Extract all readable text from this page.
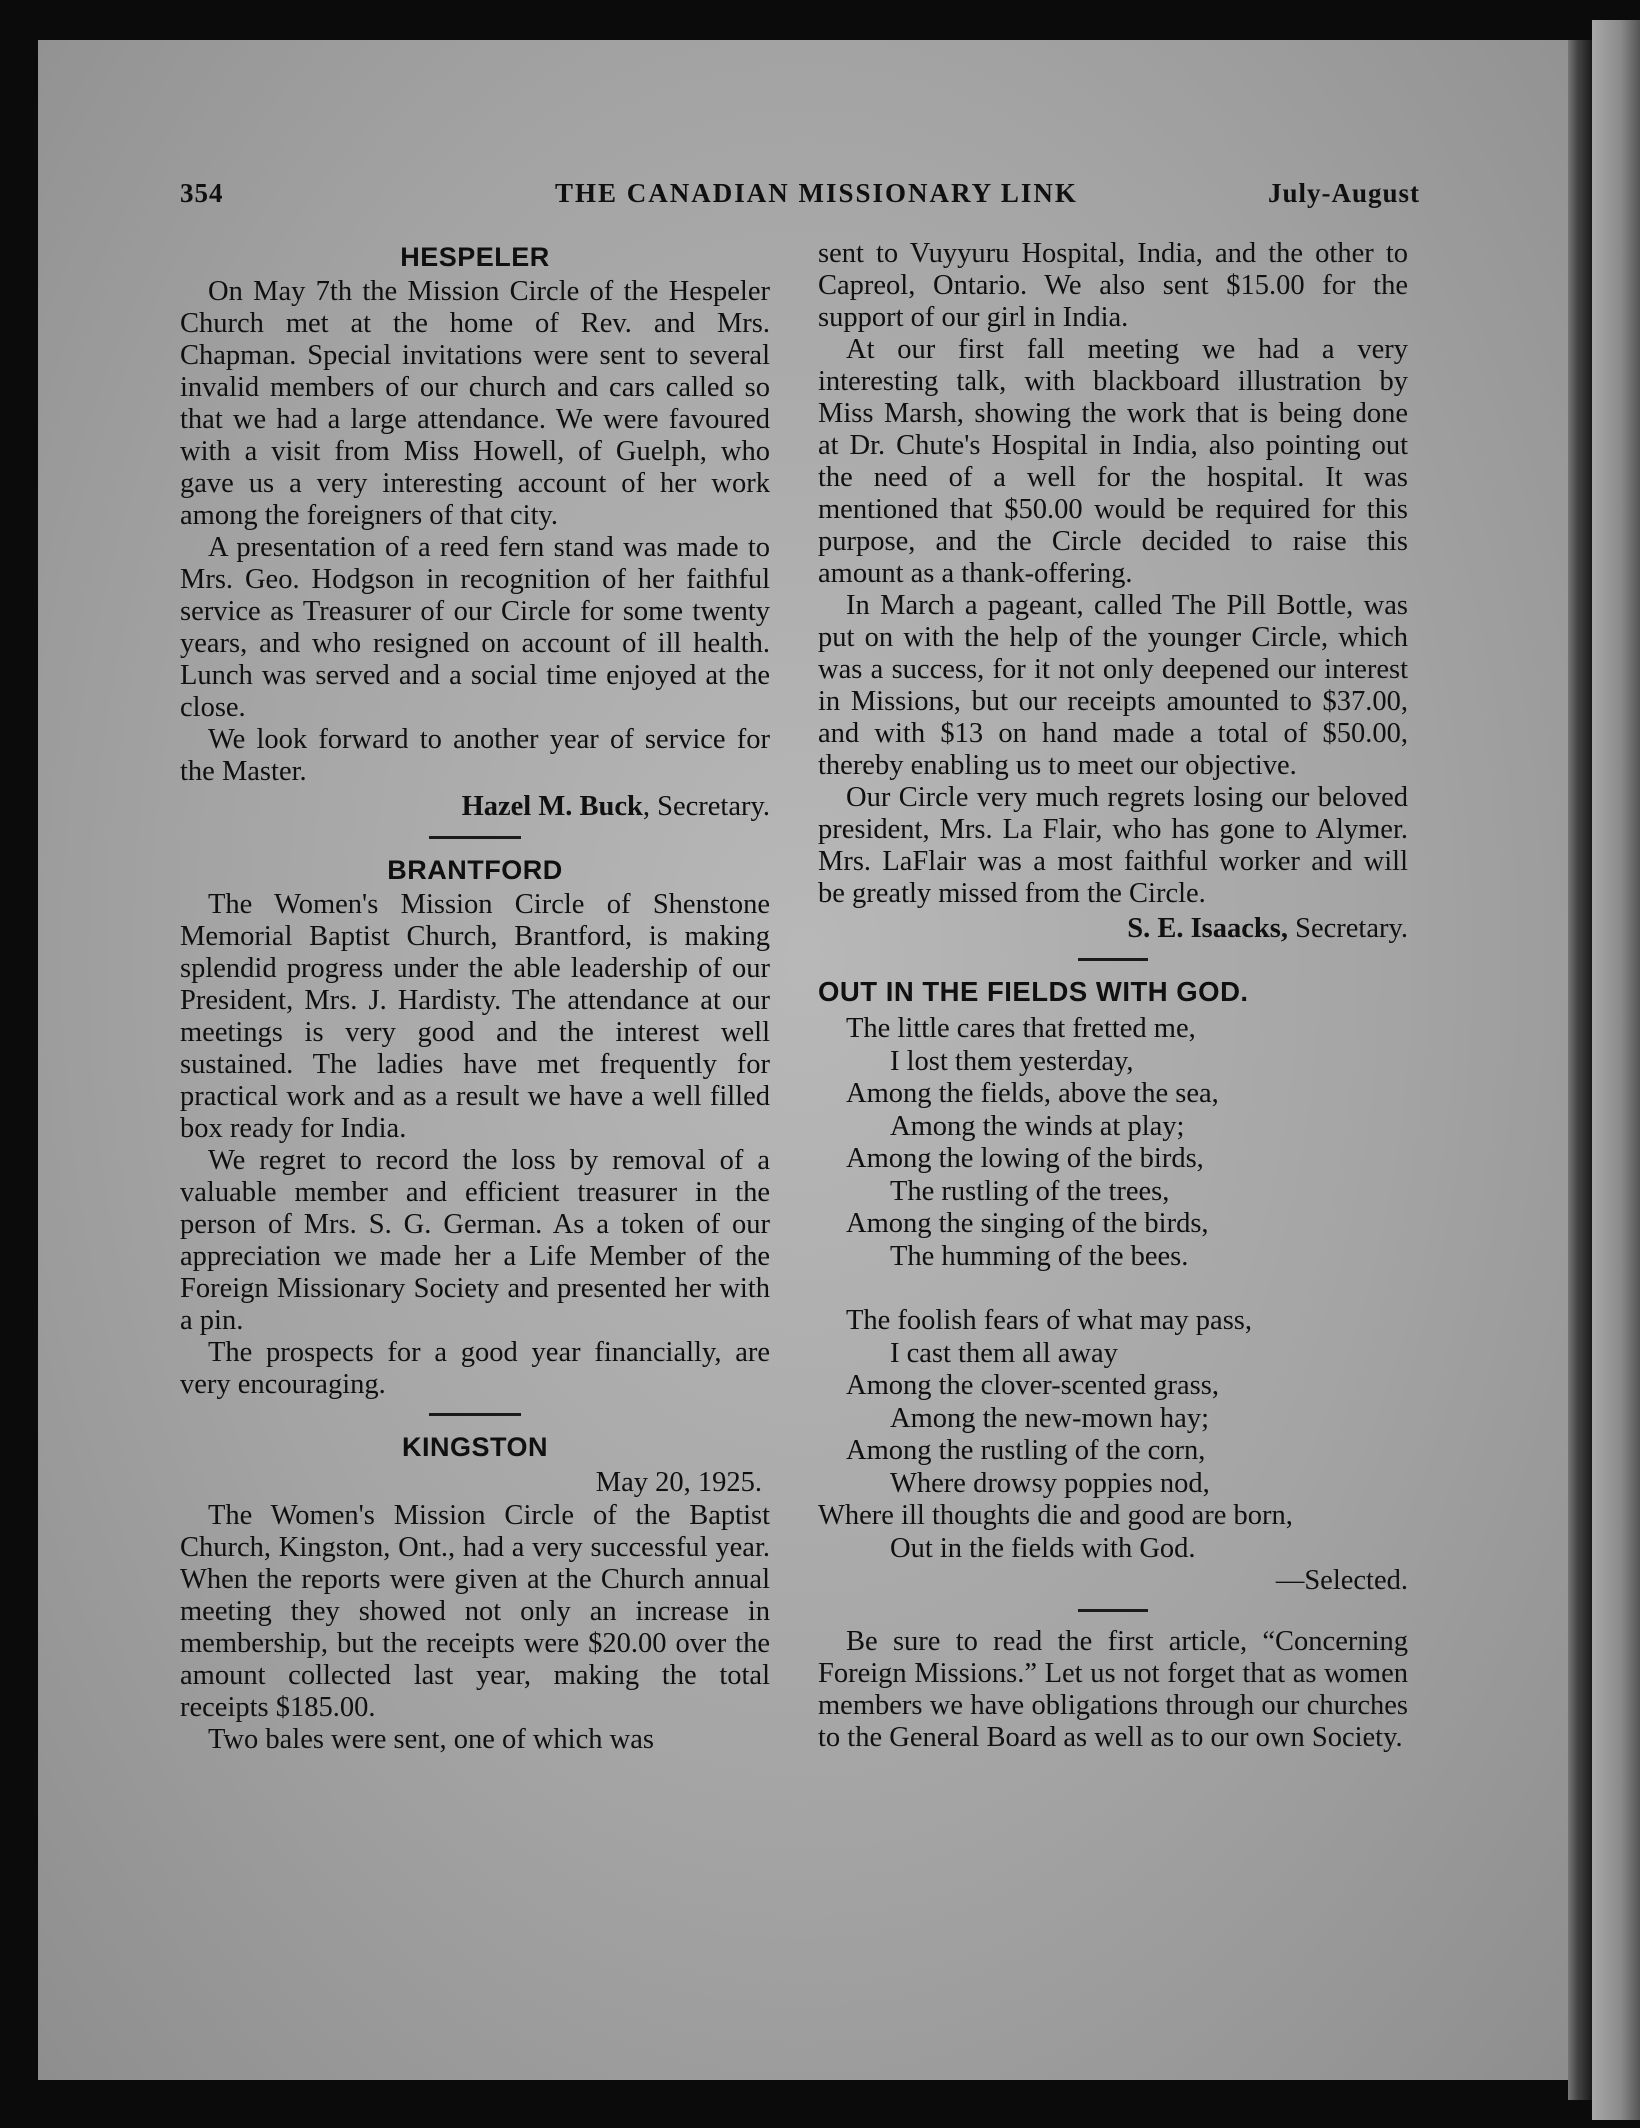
354	THE CANADIAN MISSIONARY LINK	July-August
HESPELER

On May 7th the Mission Circle of the Hespeler Church met at the home of Rev. and Mrs. Chapman. Special invitations were sent to several invalid members of our church and cars called so that we had a large attendance. We were favoured with a visit from Miss Howell, of Guelph, who gave us a very interesting account of her work among the foreigners of that city.

A presentation of a reed fern stand was made to Mrs. Geo. Hodgson in recognition of her faithful service as Treasurer of our Circle for some twenty years, and who resigned on account of ill health. Lunch was served and a social time enjoyed at the close.

We look forward to another year of service for the Master.

Hazel M. Buck, Secretary.
BRANTFORD

The Women's Mission Circle of Shenstone Memorial Baptist Church, Brantford, is making splendid progress under the able leadership of our President, Mrs. J. Hardisty. The attendance at our meetings is very good and the interest well sustained. The ladies have met frequently for practical work and as a result we have a well filled box ready for India.

We regret to record the loss by removal of a valuable member and efficient treasurer in the person of Mrs. S. G. German. As a token of our appreciation we made her a Life Member of the Foreign Missionary Society and presented her with a pin.

The prospects for a good year financially, are very encouraging.

KINGSTON
May 20, 1925.

The Women's Mission Circle of the Baptist Church, Kingston, Ont., had a very successful year. When the reports were given at the Church annual meeting they showed not only an increase in membership, but the receipts were $20.00 over the amount collected last year, making the total receipts $185.00.

Two bales were sent, one of which was

sent to Vuyyuru Hospital, India, and the other to Capreol, Ontario. We also sent $15.00 for the support of our girl in India.

At our first fall meeting we had a very interesting talk, with blackboard illustration by Miss Marsh, showing the work that is being done at Dr. Chute's Hospital in India, also pointing out the need of a well for the hospital. It was mentioned that $50.00 would be required for this purpose, and the Circle decided to raise this amount as a thank-offering.

In March a pageant, called The Pill Bottle, was put on with the help of the younger Circle, which was a success, for it not only deepened our interest in Missions, but our receipts amounted to $37.00, and with $13 on hand made a total of $50.00, thereby enabling us to meet our objective.

Our Circle very much regrets losing our beloved president, Mrs. La Flair, who has gone to Alymer. Mrs. LaFlair was a most faithful worker and will be greatly missed from the Circle.

S. E. Isaacks, Secretary.
OUT IN THE FIELDS WITH GOD.
The little cares that fretted me,
I lost them yesterday,
Among the fields, above the sea,
Among the winds at play;
Among the lowing of the birds,
The rustling of the trees,
Among the singing of the birds,
The humming of the bees.
The foolish fears of what may pass,
I cast them all away
Among the clover-scented grass,
Among the new-mown hay;
Among the rustling of the corn,
Where drowsy poppies nod,
Where ill thoughts die and good are born,
Out in the fields with God.
—Selected.

Be sure to read the first article, “Concerning Foreign Missions.” Let us not forget that as women members we have obligations through our churches to the General Board as well as to our own Society.
